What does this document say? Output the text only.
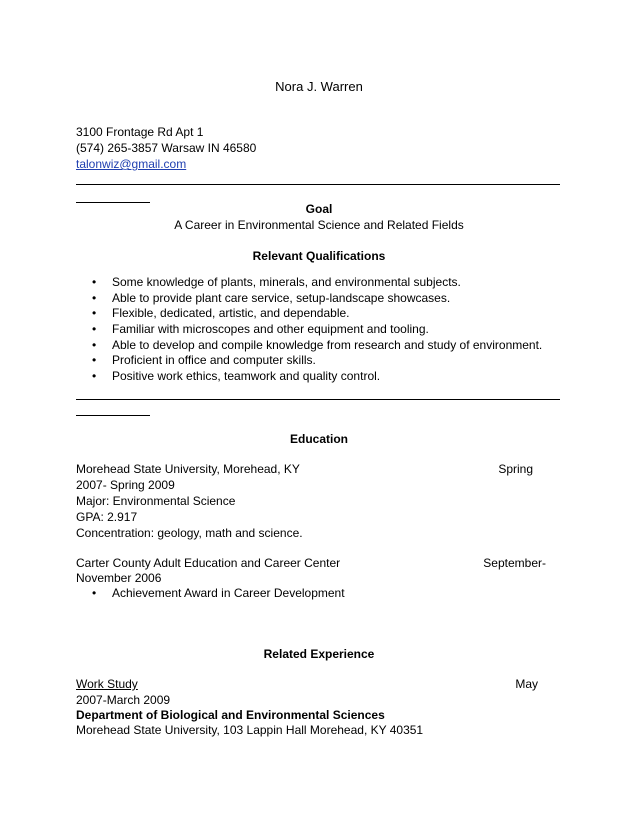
Nora J. Warren
3100 Frontage Rd Apt 1
(574) 265-3857 Warsaw IN 46580
talonwiz@gmail.com
Goal
A Career in Environmental Science and Related Fields
Relevant Qualifications
• Some knowledge of plants, minerals, and environmental subjects.
• Able to provide plant care service, setup-landscape showcases.
• Flexible, dedicated, artistic, and dependable.
• Familiar with microscopes and other equipment and tooling.
• Able to develop and compile knowledge from research and study of environment.
• Proficient in office and computer skills.
• Positive work ethics, teamwork and quality control.
Education
Morehead State University, Morehead, KY	Spring
2007- Spring 2009
Major: Environmental Science
GPA: 2.917
Concentration: geology, math and science.
Carter County Adult Education and Career Center	September-
November 2006
• Achievement Award in Career Development
Related Experience
Work Study	May
2007-March 2009
Department of Biological and Environmental Sciences
Morehead State University, 103 Lappin Hall Morehead, KY 40351
